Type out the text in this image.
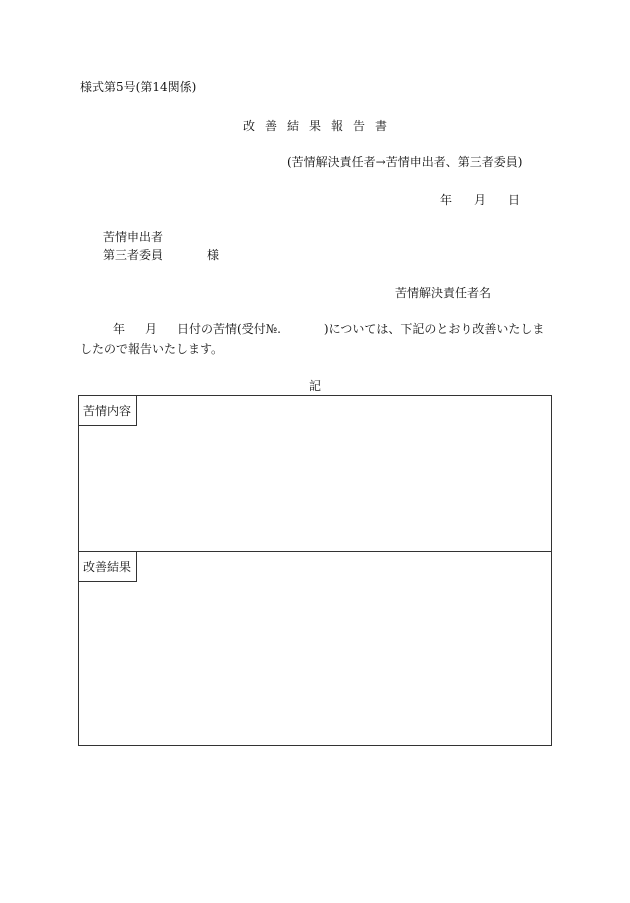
様式第5号(第14関係)
改 善 結 果 報 告 書
(苦情解決責任者→苦情申出者、第三者委員)
年 月 日
苦情申出者
第三者委員	様
苦情解決責任者名
年 月 日付の苦情(受付№.	)については、下記のとおり改善いたしま
したので報告いたします。
記
苦情内容
改善結果
